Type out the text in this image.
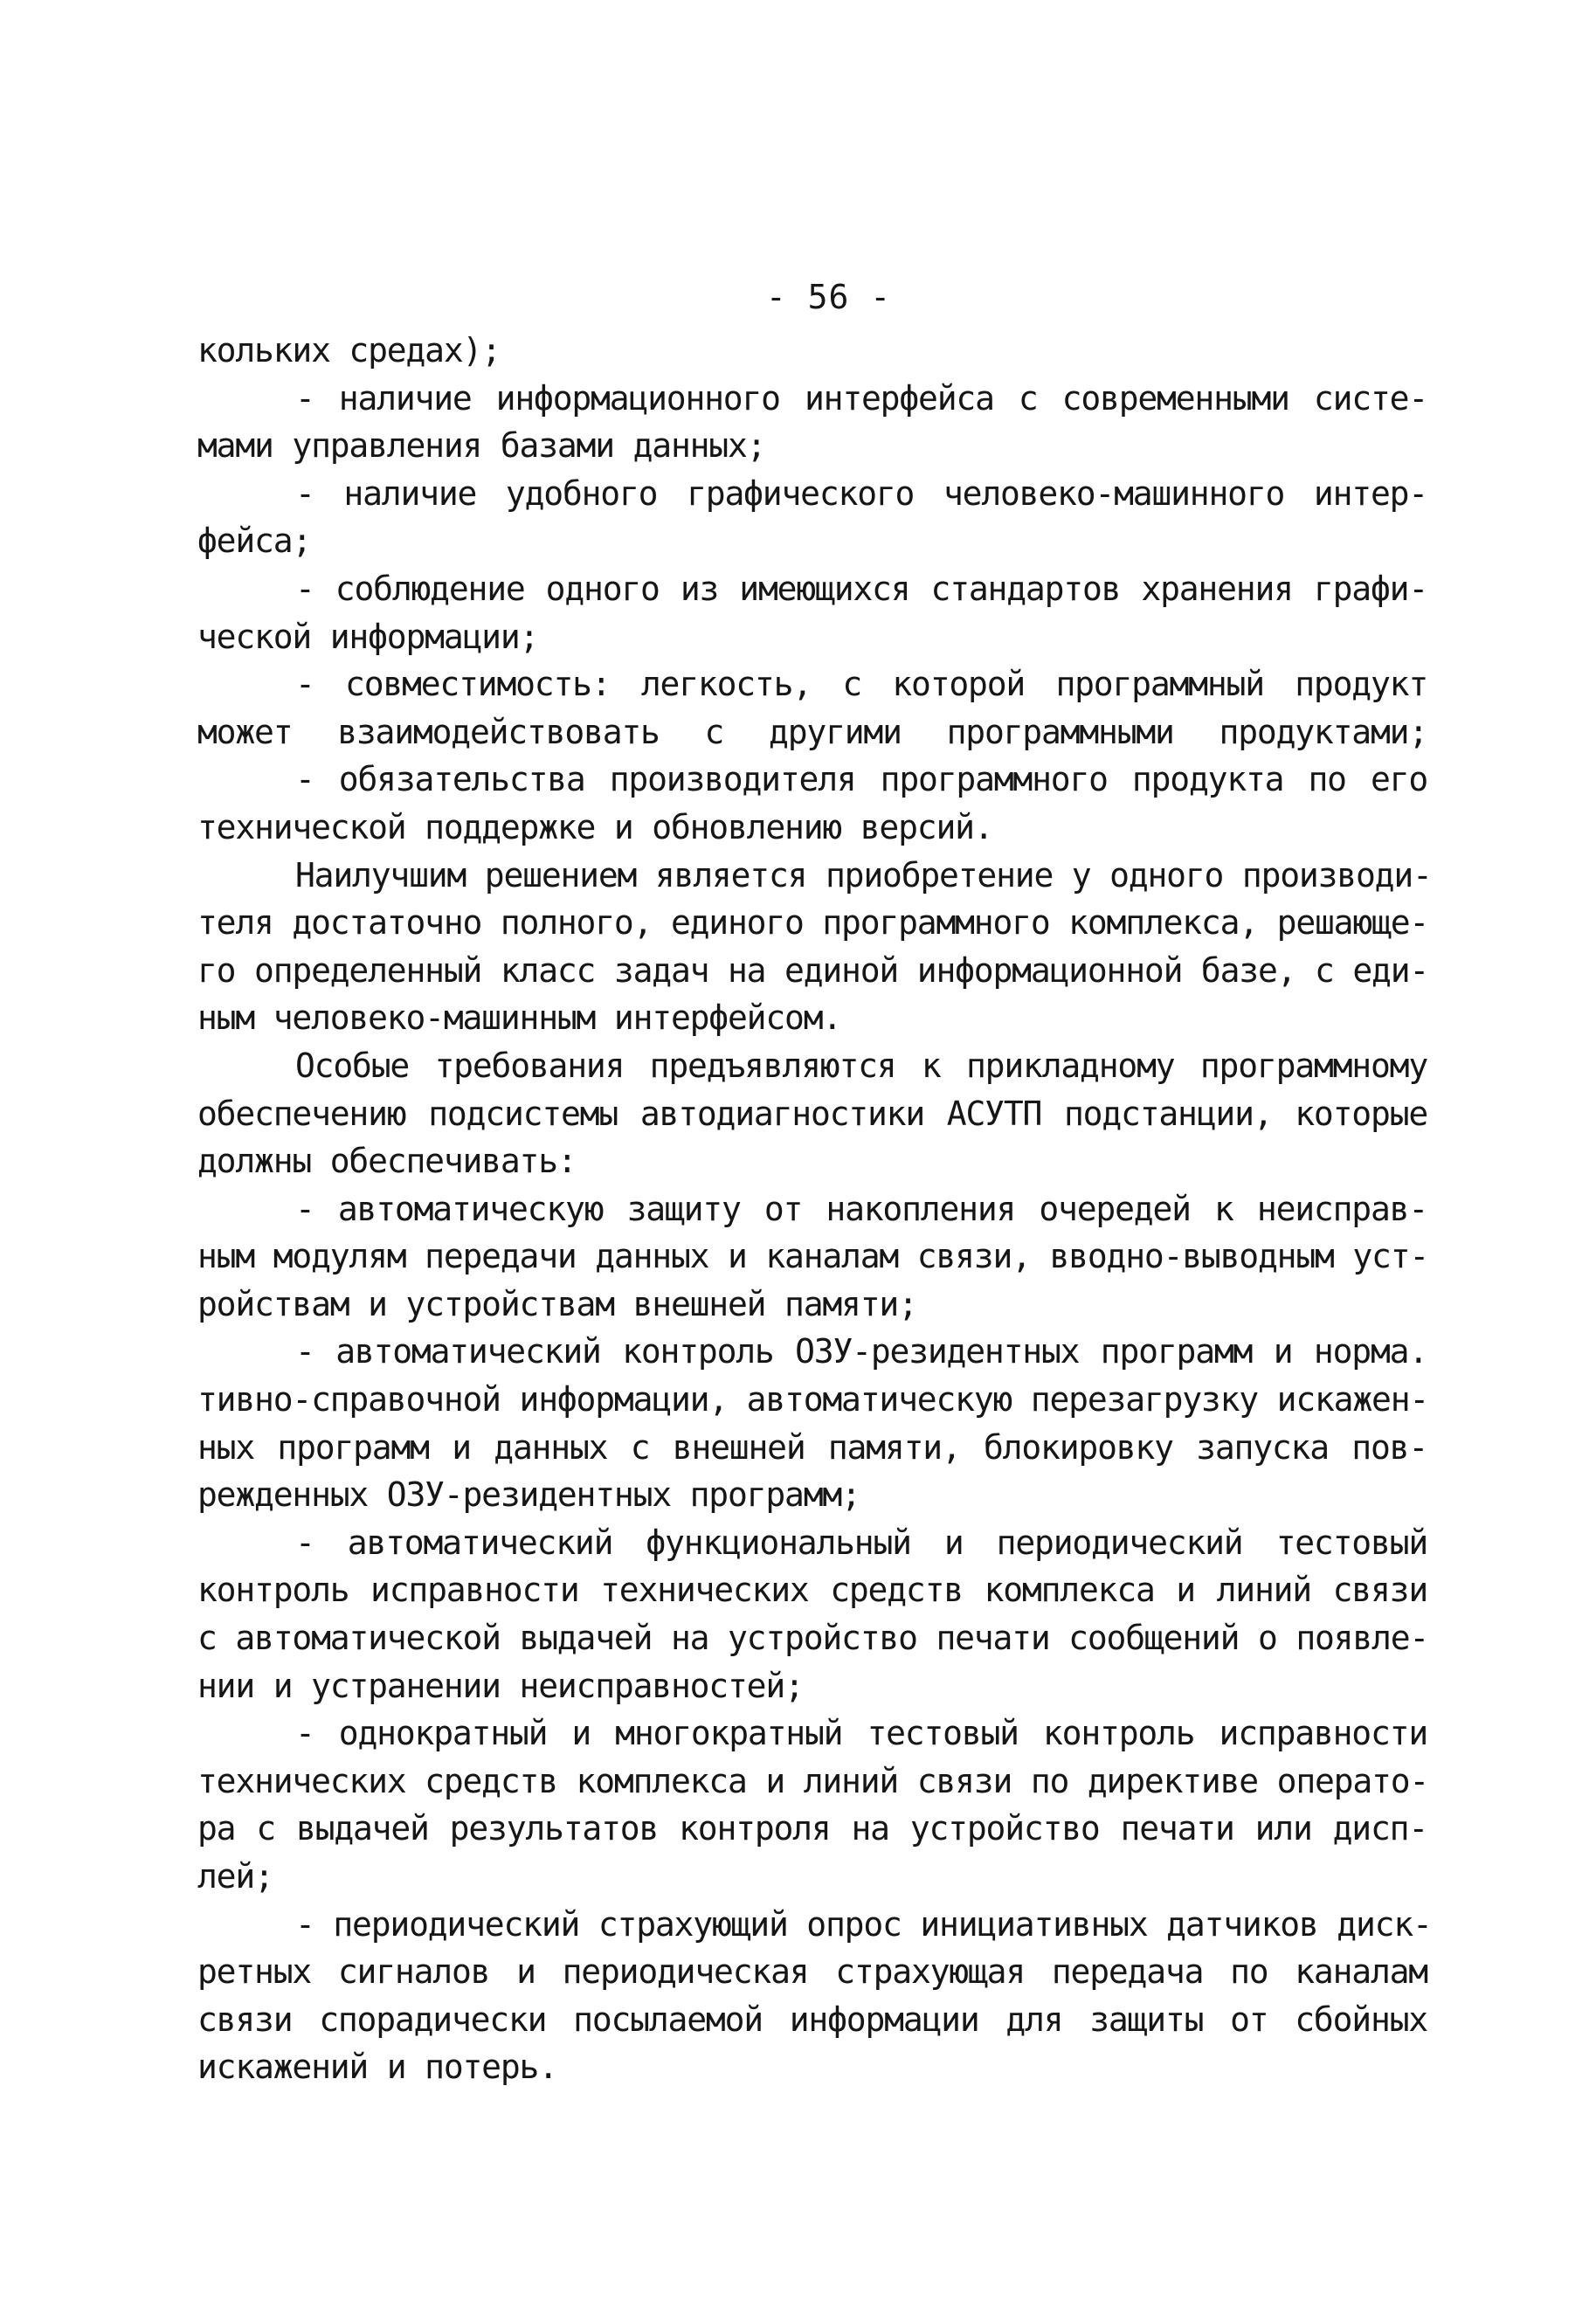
- 56 -
кольких средах);
- наличие информационного интерфейса с современными систе-
мами управления базами данных;
- наличие удобного графического человеко-машинного интер-
фейса;
- соблюдение одного из имеющихся стандартов хранения графи-
ческой информации;
- совместимость: легкость, с которой программный продукт
может взаимодействовать с другими программными продуктами;
- обязательства производителя программного продукта по его
технической поддержке и обновлению версий.
Наилучшим решением является приобретение у одного производи-
теля достаточно полного, единого программного комплекса, решающе-
го определенный класс задач на единой информационной базе, с еди-
ным человеко-машинным интерфейсом.
Особые требования предъявляются к прикладному программному
обеспечению подсистемы автодиагностики АСУТП подстанции, которые
должны обеспечивать:
- автоматическую защиту от накопления очередей к неисправ-
ным модулям передачи данных и каналам связи, вводно-выводным уст-
ройствам и устройствам внешней памяти;
- автоматический контроль ОЗУ-резидентных программ и норма.
тивно-справочной информации, автоматическую перезагрузку искажен-
ных программ и данных с внешней памяти, блокировку запуска пов-
режденных ОЗУ-резидентных программ;
- автоматический функциональный и периодический тестовый
контроль исправности технических средств комплекса и линий связи
с автоматической выдачей на устройство печати сообщений о появле-
нии и устранении неисправностей;
- однократный и многократный тестовый контроль исправности
технических средств комплекса и линий связи по директиве операто-
ра с выдачей результатов контроля на устройство печати или дисп-
лей;
- периодический страхующий опрос инициативных датчиков диск-
ретных сигналов и периодическая страхующая передача по каналам
связи спорадически посылаемой информации для защиты от сбойных
искажений и потерь.
